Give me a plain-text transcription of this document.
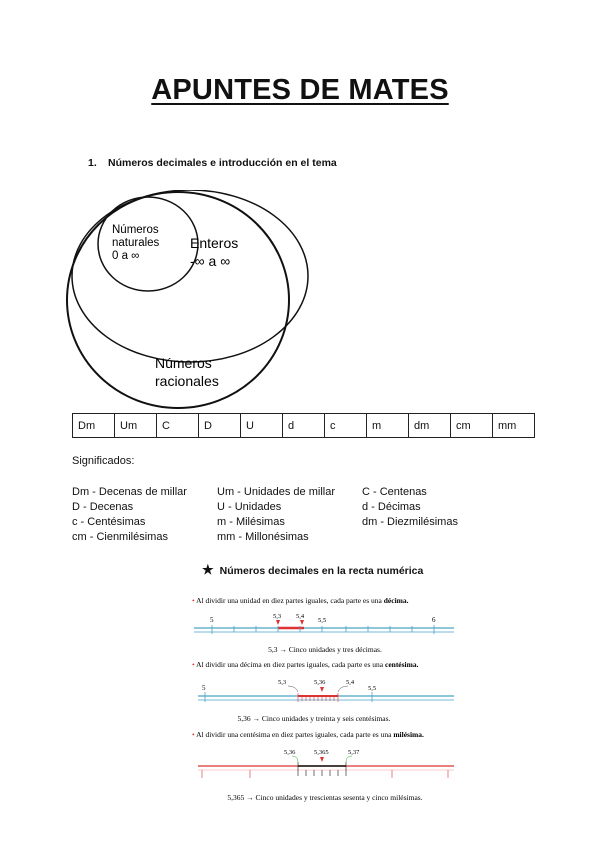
APUNTES DE MATES
1. Números decimales e introducción en el tema
Números
naturales
0 a ∞
Enteros
-∞ a ∞
Números
racionales
Dm	Um	C	D	U	d	c	m	dm	cm	mm
Significados:
Dm - Decenas de millar	Um - Unidades de millar C - Centenas
D - Decenas	U - Unidades	d - Décimas
c - Centésimas	m - Milésimas	dm - Diezmilésimas
cm - Cienmilésimas	mm - Millonésimas
★ Números decimales en la recta numérica
• Al dividir una unidad en diez partes iguales, cada parte es una décima.
5	5,3 5,4
5,5	6
5,3 → Cinco unidades y tres décimas.
• Al dividir una décima en diez partes iguales, cada parte es una centésima.
5
5,3	5,36	5,4
5,5
5,36 → Cinco unidades y treinta y seis centésimas.
• Al dividir una centésima en diez partes iguales, cada parte es una milésima.
5,36	5,365	5,37
5,365 → Cinco unidades y trescientas sesenta y cinco milésimas.
